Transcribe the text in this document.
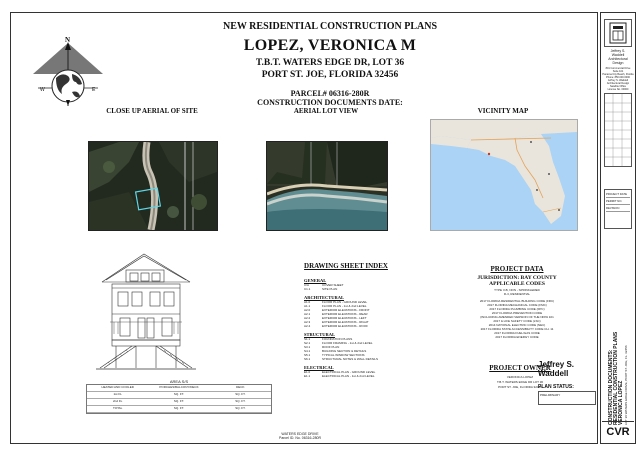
NEW RESIDENTIAL CONSTRUCTION PLANS
LOPEZ, VERONICA M
T.B.T. WATERS EDGE DR, LOT 36
PORT ST. JOE, FLORIDA 32456
PARCEL# 06316-280R
CONSTRUCTION DOCUMENTS DATE:
N
W	E
CLOSE UP AERIAL OF SITE	AERIAL LOT VIEW	VICINITY MAP
AREA S/S
HEATED AND COOLED	PORCHES/BALCONY/DECK	DECK
1st FL	SQ. FT.	SQ. FT.
2nd FL	SQ. FT.	SQ. FT.
TOTAL	SQ. FT.	SQ. FT.
DRAWING SHEET INDEX
GENERAL
C/A	COVER SHEET
C1.1	SITE PLAN
ARCHITECTURAL
A1.0	FLOOR PLAN - GROUND LEVEL
A1.1	FLOOR PLAN - 1st & 2nd LEVEL
A2.0	EXTERIOR ELEVATIONS - FRONT
A2.1	EXTERIOR ELEVATIONS - REAR
A2.2	EXTERIOR ELEVATIONS - LEFT
A2.3	EXTERIOR ELEVATIONS - RIGHT
A2.4	EXTERIOR ELEVATIONS - ROOF
STRUCTURAL
S1.1	FOUNDATION PLANS
S2.1	FLOOR FRAMING - 1st & 2nd LEVEL
S3.1	ROOF PLAN
S4.1	BUILDING SECTION & DETAILS
S5.1	TYPICAL WINDOW SECTIONS
S6.1	STRUCTURAL NOTES & WALL DETAILS
ELECTRICAL
E1.0	ELECTRICAL PLAN - GROUND LEVEL
E1.1	ELECTRICAL PLAN - 1st & 2nd LEVEL
PROJECT DATA
JURISDICTION: BAY COUNTY
APPLICABLE CODES
TYPE V-B, NON - SPRINKLERED
R-3, RESIDENTIAL
2017 FLORIDA RESIDENTIAL BUILDING CODE (FRC)
2017 FLORIDA MECHANICAL CODE (FMC)
2017 FLORIDA PLUMBING CODE (FPC)
2017 FLORIDA PREVENTION CODE
(INCLUDING AMENDED VERSION OF THE NFPA 101
2017 & LIFE SAFETY CODE (LSC)
2014 NATIONAL ELECTRIC CODE (NEC)
2017 FLORIDA STATE ACCESSIBILITY CODE CH. 11
2017 FLORIDA FUEL/GAS CODE
2017 FLORIDA ENERGY CODE
PROJECT OWNER
VERONICA LOPEZ
T.B.T. WATERS EDGE DR LOT 36
PORT ST. JOE, FLORIDA 32456
Jeffrey S. Waddell
PLAN STATUS:
PRELIMINARY
WATERS EDGE DRIVE
Parcel ID. No. 06316-280R
Jeffrey S.
Waddell
Architectural
Design
801 Commercial Drive
Suite 101
Panama City Beach, Florida
Phone: 850.000.0000
Jeffrey S. Waddell Architectural Design
Satellite Office
License No. 00000
PROJECT DATE
PERMIT NO.
REVISION
CONSTRUCTION DOCUMENTS: RESIDENTIAL CONSTRUCTION PLANS VERONICA LOPEZ LOT 36 WATERS EDGE DRIVE, PORT ST. JOE, FL. 32456
CVR
